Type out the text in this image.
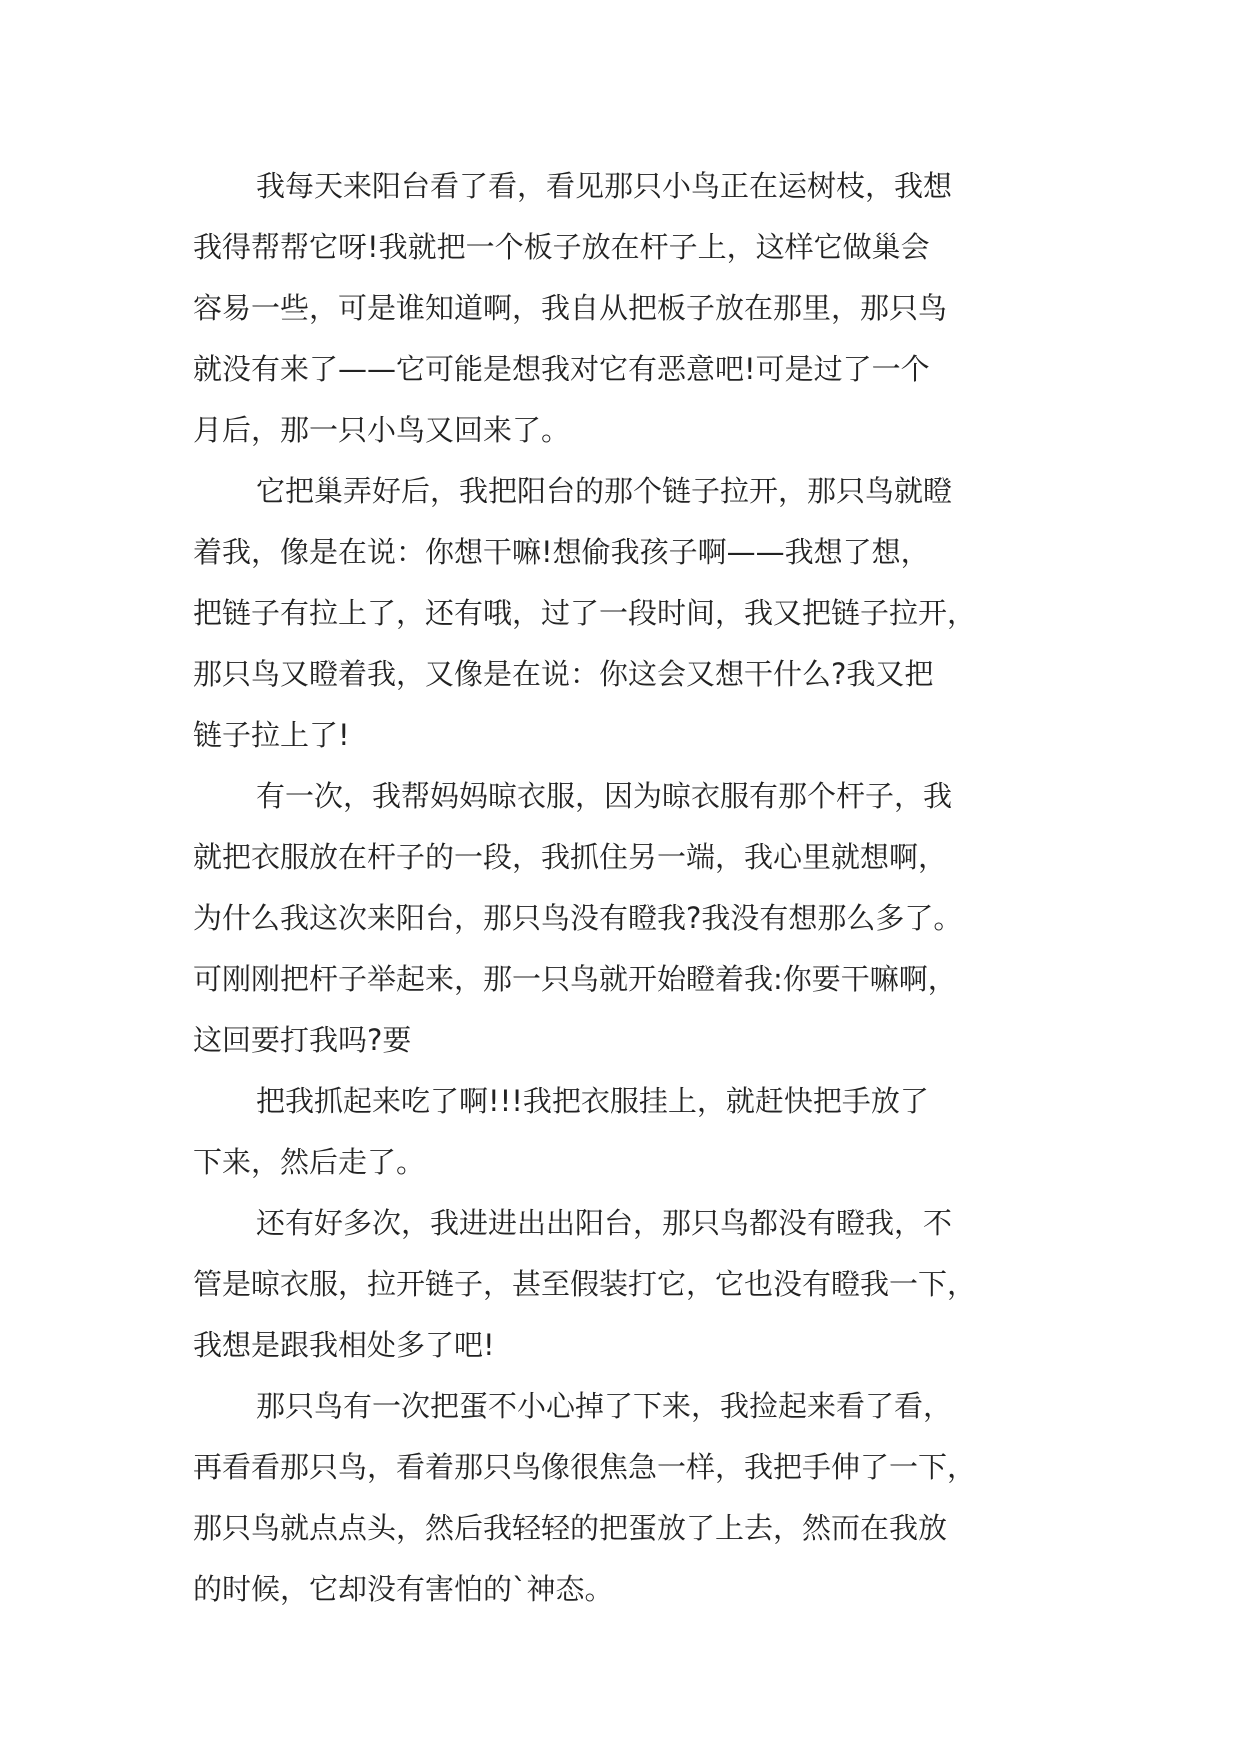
我每天来阳台看了看，看见那只小鸟正在运树枝，我想
我得帮帮它呀!我就把一个板子放在杆子上，这样它做巢会
容易一些，可是谁知道啊，我自从把板子放在那里，那只鸟
就没有来了——它可能是想我对它有恶意吧!可是过了一个
月后，那一只小鸟又回来了。
它把巢弄好后，我把阳台的那个链子拉开，那只鸟就瞪
着我，像是在说：你想干嘛!想偷我孩子啊——我想了想，
把链子有拉上了，还有哦，过了一段时间，我又把链子拉开，
那只鸟又瞪着我，又像是在说：你这会又想干什么?我又把
链子拉上了!
有一次，我帮妈妈晾衣服，因为晾衣服有那个杆子，我
就把衣服放在杆子的一段，我抓住另一端，我心里就想啊，
为什么我这次来阳台，那只鸟没有瞪我?我没有想那么多了。
可刚刚把杆子举起来，那一只鸟就开始瞪着我:你要干嘛啊，
这回要打我吗?要
把我抓起来吃了啊!!!我把衣服挂上，就赶快把手放了
下来，然后走了。
还有好多次，我进进出出阳台，那只鸟都没有瞪我，不
管是晾衣服，拉开链子，甚至假装打它，它也没有瞪我一下，
我想是跟我相处多了吧!
那只鸟有一次把蛋不小心掉了下来，我捡起来看了看，
再看看那只鸟，看着那只鸟像很焦急一样，我把手伸了一下，
那只鸟就点点头，然后我轻轻的把蛋放了上去，然而在我放
的时候，它却没有害怕的`神态。
